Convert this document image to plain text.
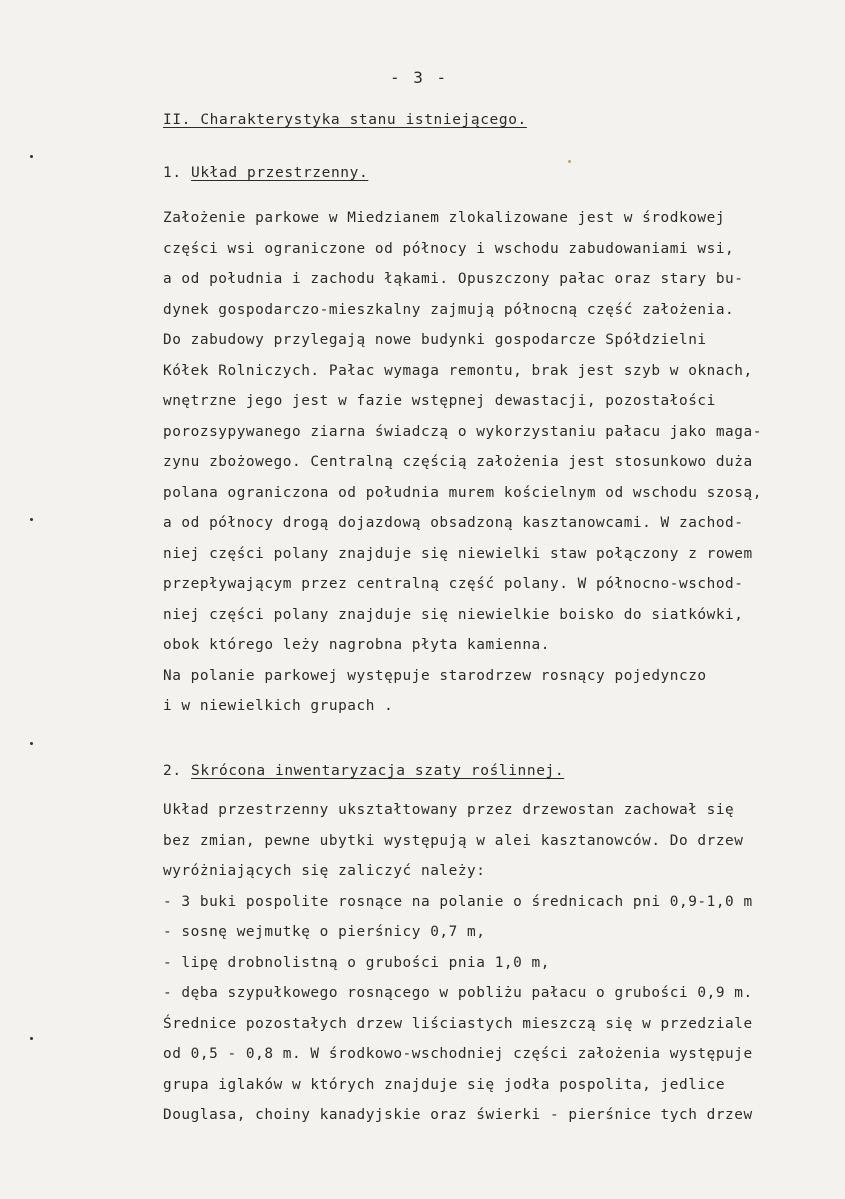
- 3 -
II. Charakterystyka stanu istniejącego.
1. Układ przestrzenny.
Założenie parkowe w Miedzianem zlokalizowane jest w środkowej
części wsi ograniczone od północy i wschodu zabudowaniami wsi,
a od południa i zachodu łąkami. Opuszczony pałac oraz stary bu-
dynek gospodarczo-mieszkalny zajmują północną część założenia.
Do zabudowy przylegają nowe budynki gospodarcze Spółdzielni
Kółek Rolniczych. Pałac wymaga remontu, brak jest szyb w oknach,
wnętrzne jego jest w fazie wstępnej dewastacji, pozostałości
porozsypywanego ziarna świadczą o wykorzystaniu pałacu jako maga-
zynu zbożowego. Centralną częścią założenia jest stosunkowo duża
polana ograniczona od południa murem kościelnym od wschodu szosą,
a od północy drogą dojazdową obsadzoną kasztanowcami. W zachod-
niej części polany znajduje się niewielki staw połączony z rowem
przepływającym przez centralną część polany. W północno-wschod-
niej części polany znajduje się niewielkie boisko do siatkówki,
obok którego leży nagrobna płyta kamienna.
Na polanie parkowej występuje starodrzew rosnący pojedynczo
i w niewielkich grupach .
2. Skrócona inwentaryzacja szaty roślinnej.
Układ przestrzenny ukształtowany przez drzewostan zachował się
bez zmian, pewne ubytki występują w alei kasztanowców. Do drzew
wyróżniających się zaliczyć należy:
- 3 buki pospolite rosnące na polanie o średnicach pni 0,9-1,0 m
- sosnę wejmutkę o pierśnicy 0,7 m,
- lipę drobnolistną o grubości pnia 1,0 m,
- dęba szypułkowego rosnącego w pobliżu pałacu o grubości 0,9 m.
Średnice pozostałych drzew liściastych mieszczą się w przedziale
od 0,5 - 0,8 m. W środkowo-wschodniej części założenia występuje
grupa iglaków w których znajduje się jodła pospolita, jedlice
Douglasa, choiny kanadyjskie oraz świerki - pierśnice tych drzew
